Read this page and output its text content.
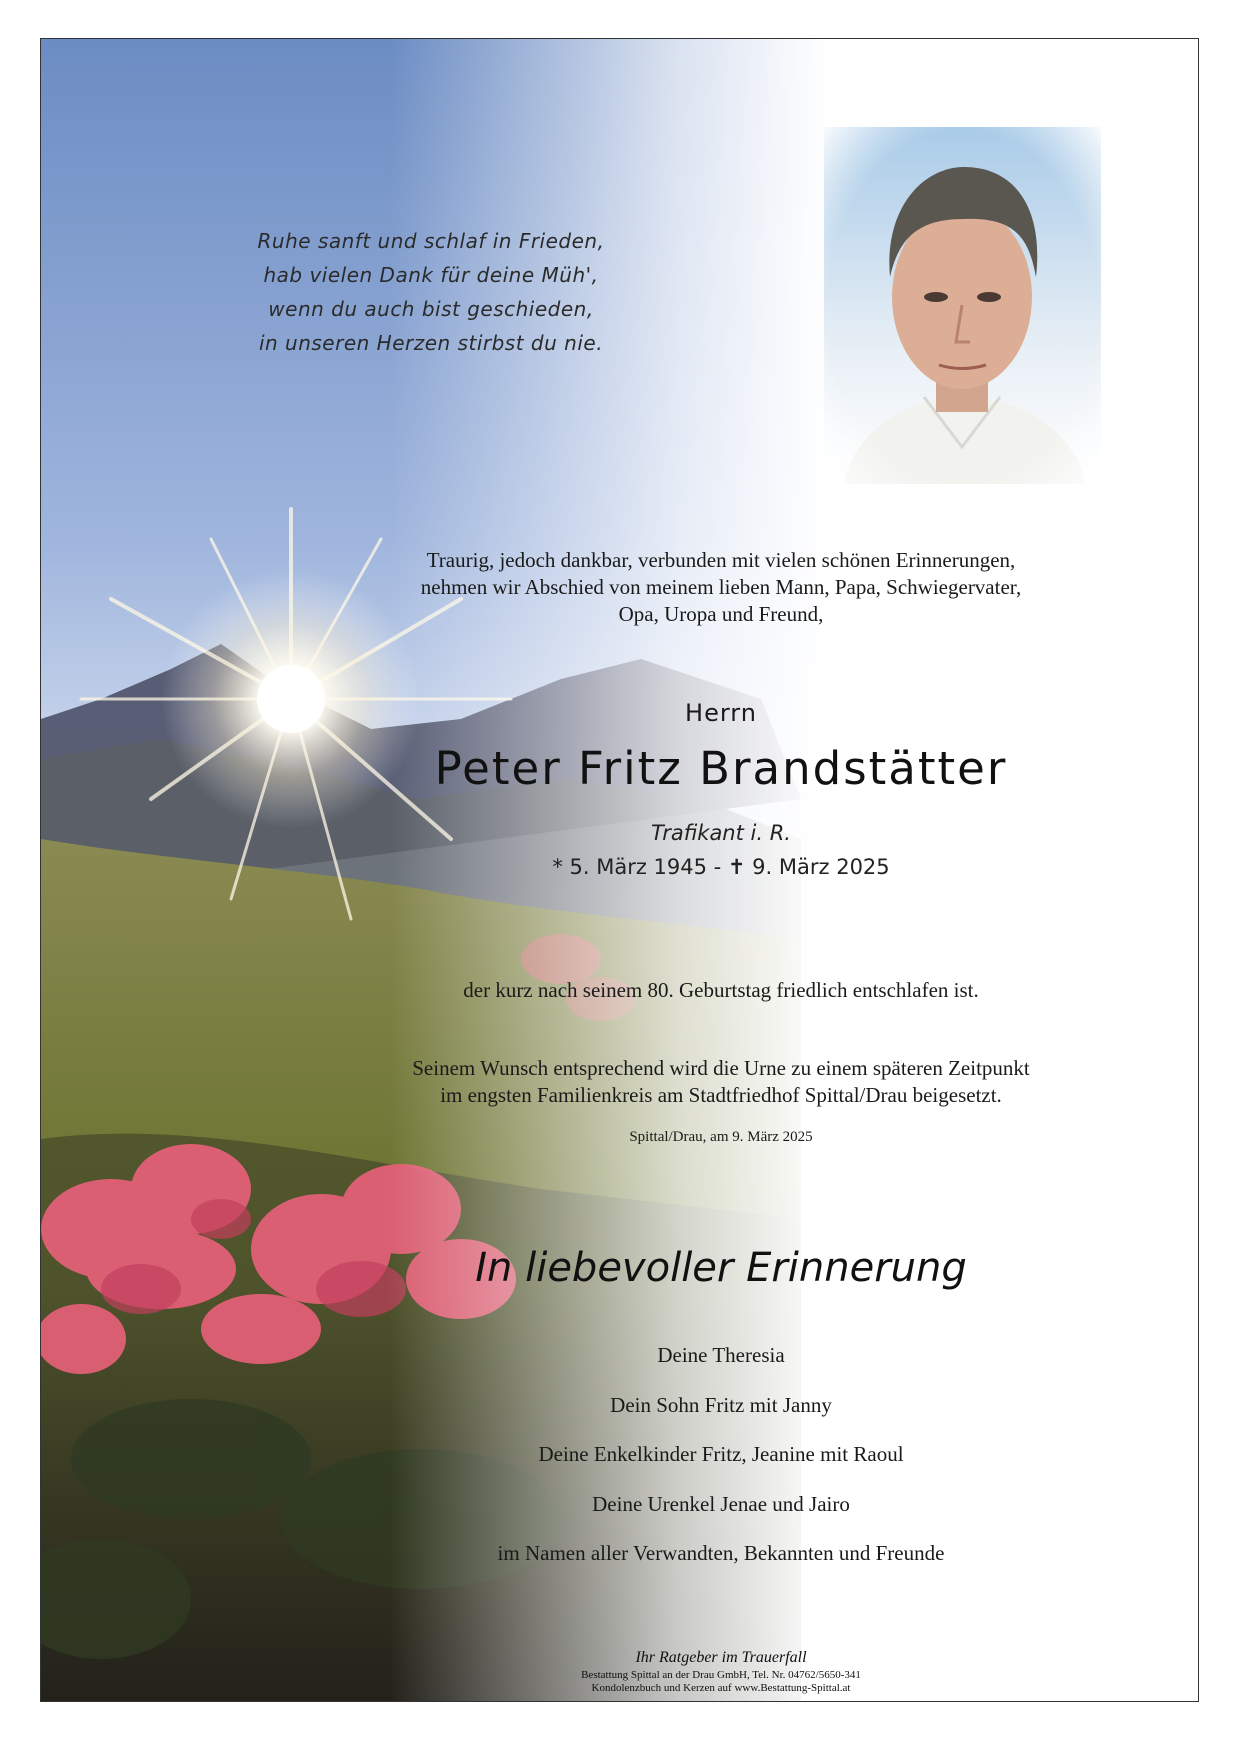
Ruhe sanft und schlaf in Frieden,
hab vielen Dank für deine Müh',
wenn du auch bist geschieden,
in unseren Herzen stirbst du nie.
Traurig, jedoch dankbar, verbunden mit vielen schönen Erinnerungen,
nehmen wir Abschied von meinem lieben Mann, Papa, Schwiegervater,
Opa, Uropa und Freund,
Herrn
Peter Fritz Brandstätter
Trafikant i. R.
* 5. März 1945 - ✝ 9. März 2025
der kurz nach seinem 80. Geburtstag friedlich entschlafen ist.
Seinem Wunsch entsprechend wird die Urne zu einem späteren Zeitpunkt
im engsten Familienkreis am Stadtfriedhof Spittal/Drau beigesetzt.
Spittal/Drau, am 9. März 2025
In liebevoller Erinnerung
Deine Theresia
Dein Sohn Fritz mit Janny
Deine Enkelkinder Fritz, Jeanine mit Raoul
Deine Urenkel Jenae und Jairo
im Namen aller Verwandten, Bekannten und Freunde
Ihr Ratgeber im Trauerfall
Bestattung Spittal an der Drau GmbH, Tel. Nr. 04762/5650-341
Kondolenzbuch und Kerzen auf www.Bestattung-Spittal.at
